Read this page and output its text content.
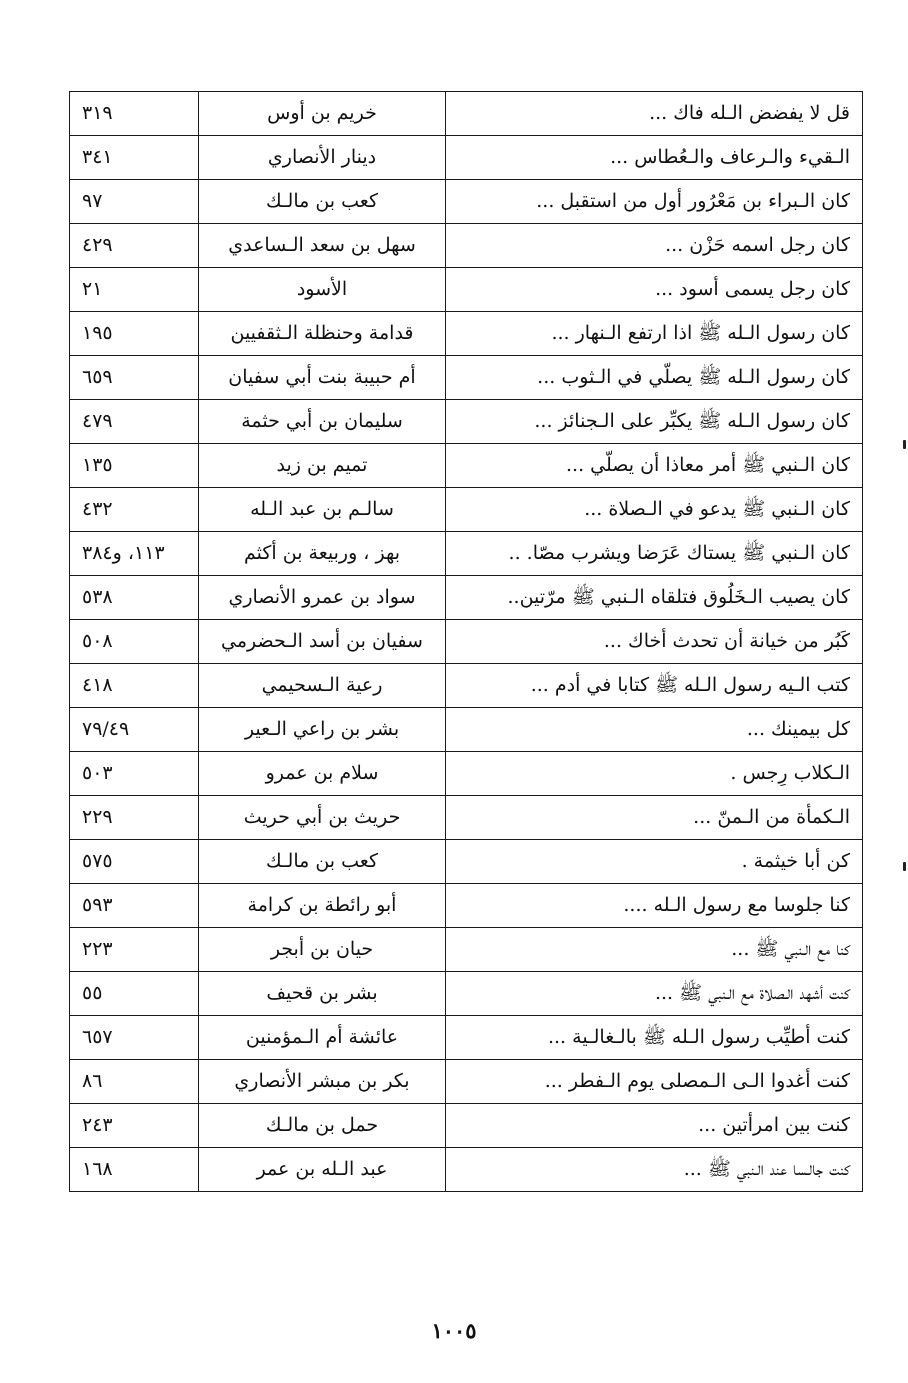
قل لا يفضض الـله فاك ...	خريم بن أوس	٣١٩
الـقيء والـرعاف والـعُطاس ...	دينار الأنصاري	٣٤١
كان الـبراء بن مَعْرُور أول من استقبل ...	كعب بن مالـك	٩٧
كان رجل اسمه حَزْن ...	سهل بن سعد الـساعدي	٤٢٩
كان رجل يسمى أسود ...	الأسود	٢١
كان رسول الـله ﷺ اذا ارتفع الـنهار ...	قدامة وحنظلة الـثقفيين	١٩٥
كان رسول الـله ﷺ يصلّي في الـثوب ...	أم حبيبة بنت أبي سفيان	٦٥٩
كان رسول الـله ﷺ يكبِّر على الـجنائز ...	سليمان بن أبي حثمة	٤٧٩
كان الـنبي ﷺ أمر معاذا أن يصلّي ...	تميم بن زيد	١٣٥
كان الـنبي ﷺ يدعو في الـصلاة ...	سالـم بن عبد الـله	٤٣٢
كان الـنبي ﷺ يستاك عَرَضا ويشرب مصّا. ..	بهز ، وربيعة بن أكثم	١١٣، و٣٨٤
كان يصيب الـخَلُوق فتلقاه الـنبي ﷺ مرّتين..	سواد بن عمرو الأنصاري	٥٣٨
كَبُر من خيانة أن تحدث أخاك ...	سفيان بن أسد الـحضرمي	٥٠٨
كتب الـيه رسول الـله ﷺ كتابا في أدم ...	رعية الـسحيمي	٤١٨
كل بيمينك ...	بشر بن راعي الـعير	٧٩/٤٩
الـكلاب رِجس .	سلام بن عمرو	٥٠٣
الـكمأة من الـمنّ ...	حريث بن أبي حريث	٢٢٩
كن أبا خيثمة .	كعب بن مالـك	٥٧٥
كنا جلوسا مع رسول الـله ....	أبو رائطة بن كرامة	٥٩٣
كنا مع الـنبي ﷺ ...	حيان بن أبجر	٢٢٣
كنت أشهد الـصلاة مع الـنبي ﷺ ...	بشر بن قحيف	٥٥
كنت أطيِّب رسول الـله ﷺ بالـغالـية ...	عائشة أم الـمؤمنين	٦٥٧
كنت أغدوا الـى الـمصلى يوم الـفطر ...	بكر بن مبشر الأنصاري	٨٦
كنت بين امرأتين ...	حمل بن مالـك	٢٤٣
كنت جالـسا عند الـنبي ﷺ ...	عبد الـله بن عمر	١٦٨
١٠٠٥
